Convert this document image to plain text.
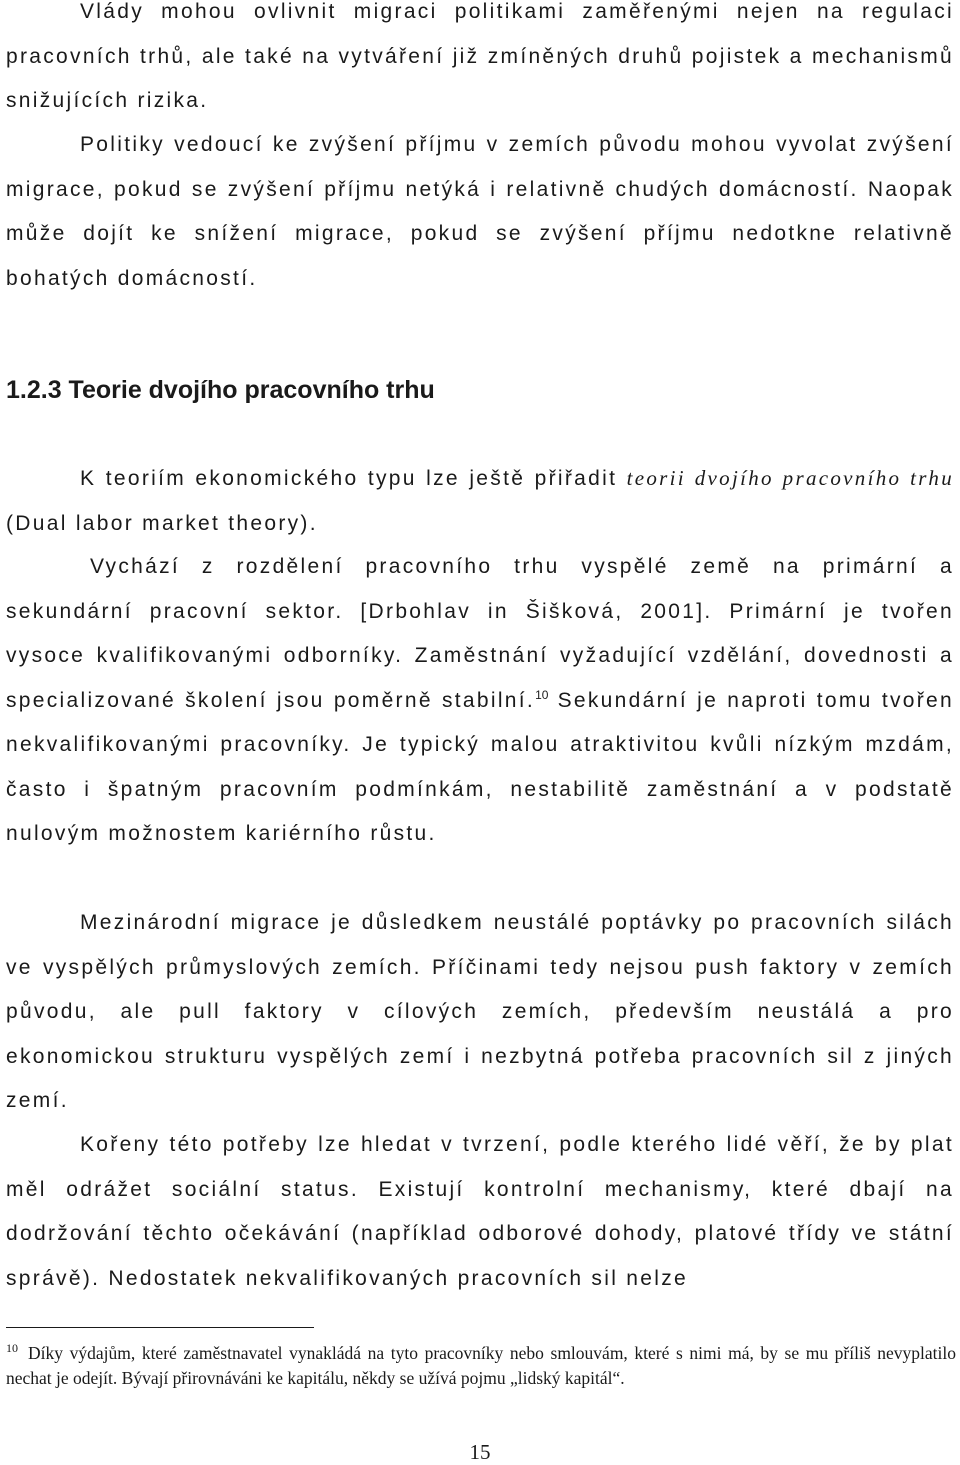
Vlády mohou ovlivnit migraci politikami zaměřenými nejen na regulaci pracovních trhů, ale také na vytváření již zmíněných druhů pojistek a mechanismů snižujících rizika.

Politiky vedoucí ke zvýšení příjmu v zemích původu mohou vyvolat zvýšení migrace, pokud se zvýšení příjmu netýká i relativně chudých domácností. Naopak může dojít ke snížení migrace, pokud se zvýšení příjmu nedotkne relativně bohatých domácností.

1.2.3 Teorie dvojího pracovního trhu

K teoriím ekonomického typu lze ještě přiřadit teorii dvojího pracovního trhu (Dual labor market theory).

Vychází z rozdělení pracovního trhu vyspělé země na primární a sekundární pracovní sektor. [Drbohlav in Šišková, 2001]. Primární je tvořen vysoce kvalifikovanými odborníky. Zaměstnání vyžadující vzdělání, dovednosti a specializované školení jsou poměrně stabilní.$^{10}$ Sekundární je naproti tomu tvořen nekvalifikovanými pracovníky. Je typický malou atraktivitou kvůli nízkým mzdám, často i špatným pracovním podmínkám, nestabilitě zaměstnání a v podstatě nulovým možnostem kariérního růstu.

Mezinárodní migrace je důsledkem neustálé poptávky po pracovních silách ve vyspělých průmyslových zemích. Příčinami tedy nejsou push faktory v zemích původu, ale pull faktory v cílových zemích, především neustálá a pro ekonomickou strukturu vyspělých zemí i nezbytná potřeba pracovních sil z jiných zemí.

Kořeny této potřeby lze hledat v tvrzení, podle kterého lidé věří, že by plat měl odrážet sociální status. Existují kontrolní mechanismy, které dbají na dodržování těchto očekávání (například odborové dohody, platové třídy ve státní správě). Nedostatek nekvalifikovaných pracovních sil nelze

$^{10}$ Díky výdajům, které zaměstnavatel vynakládá na tyto pracovníky nebo smlouvám, které s nimi má, by se mu příliš nevyplatilo nechat je odejít. Bývají přirovnáváni ke kapitálu, někdy se užívá pojmu „lidský kapitál“.

15
